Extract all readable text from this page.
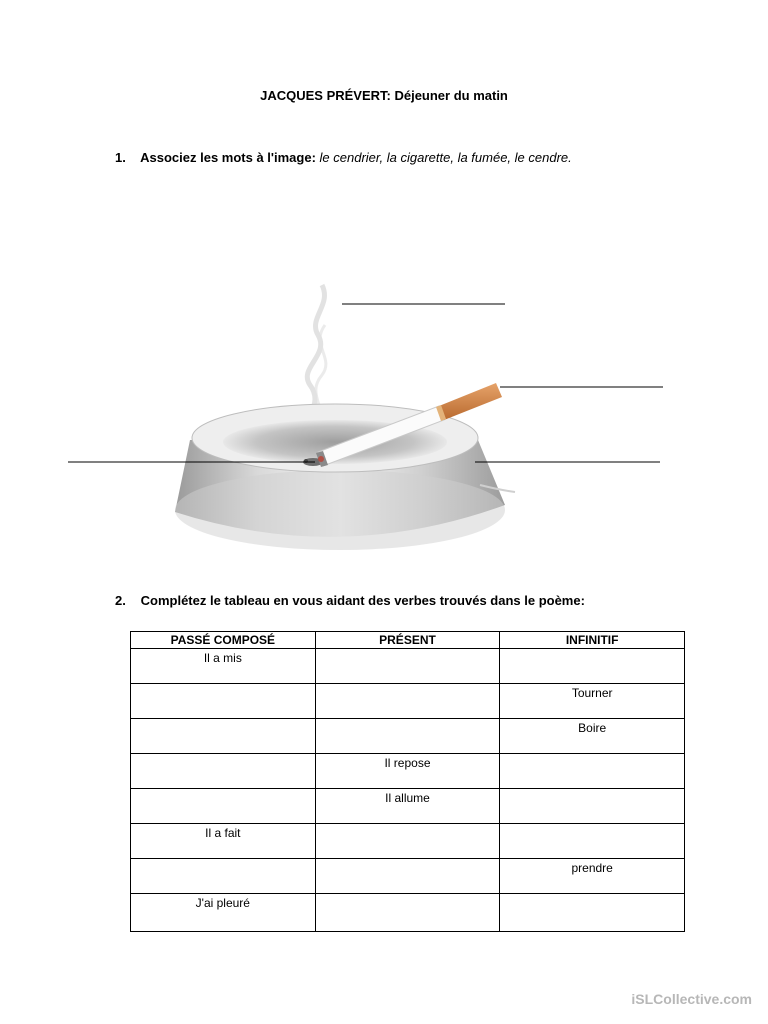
JACQUES PRÉVERT: Déjeuner du matin
1. Associez les mots à l'image: le cendrier, la cigarette, la fumée, le cendre.
2. Complétez le tableau en vous aidant des verbes trouvés dans le poème:
PASSÉ COMPOSÉ	PRÉSENT	INFINITIF
Il a mis		
		Tourner
		Boire
	Il repose	
	Il allume	
Il a fait		
		prendre
J'ai pleuré		
iSLCollective.com
